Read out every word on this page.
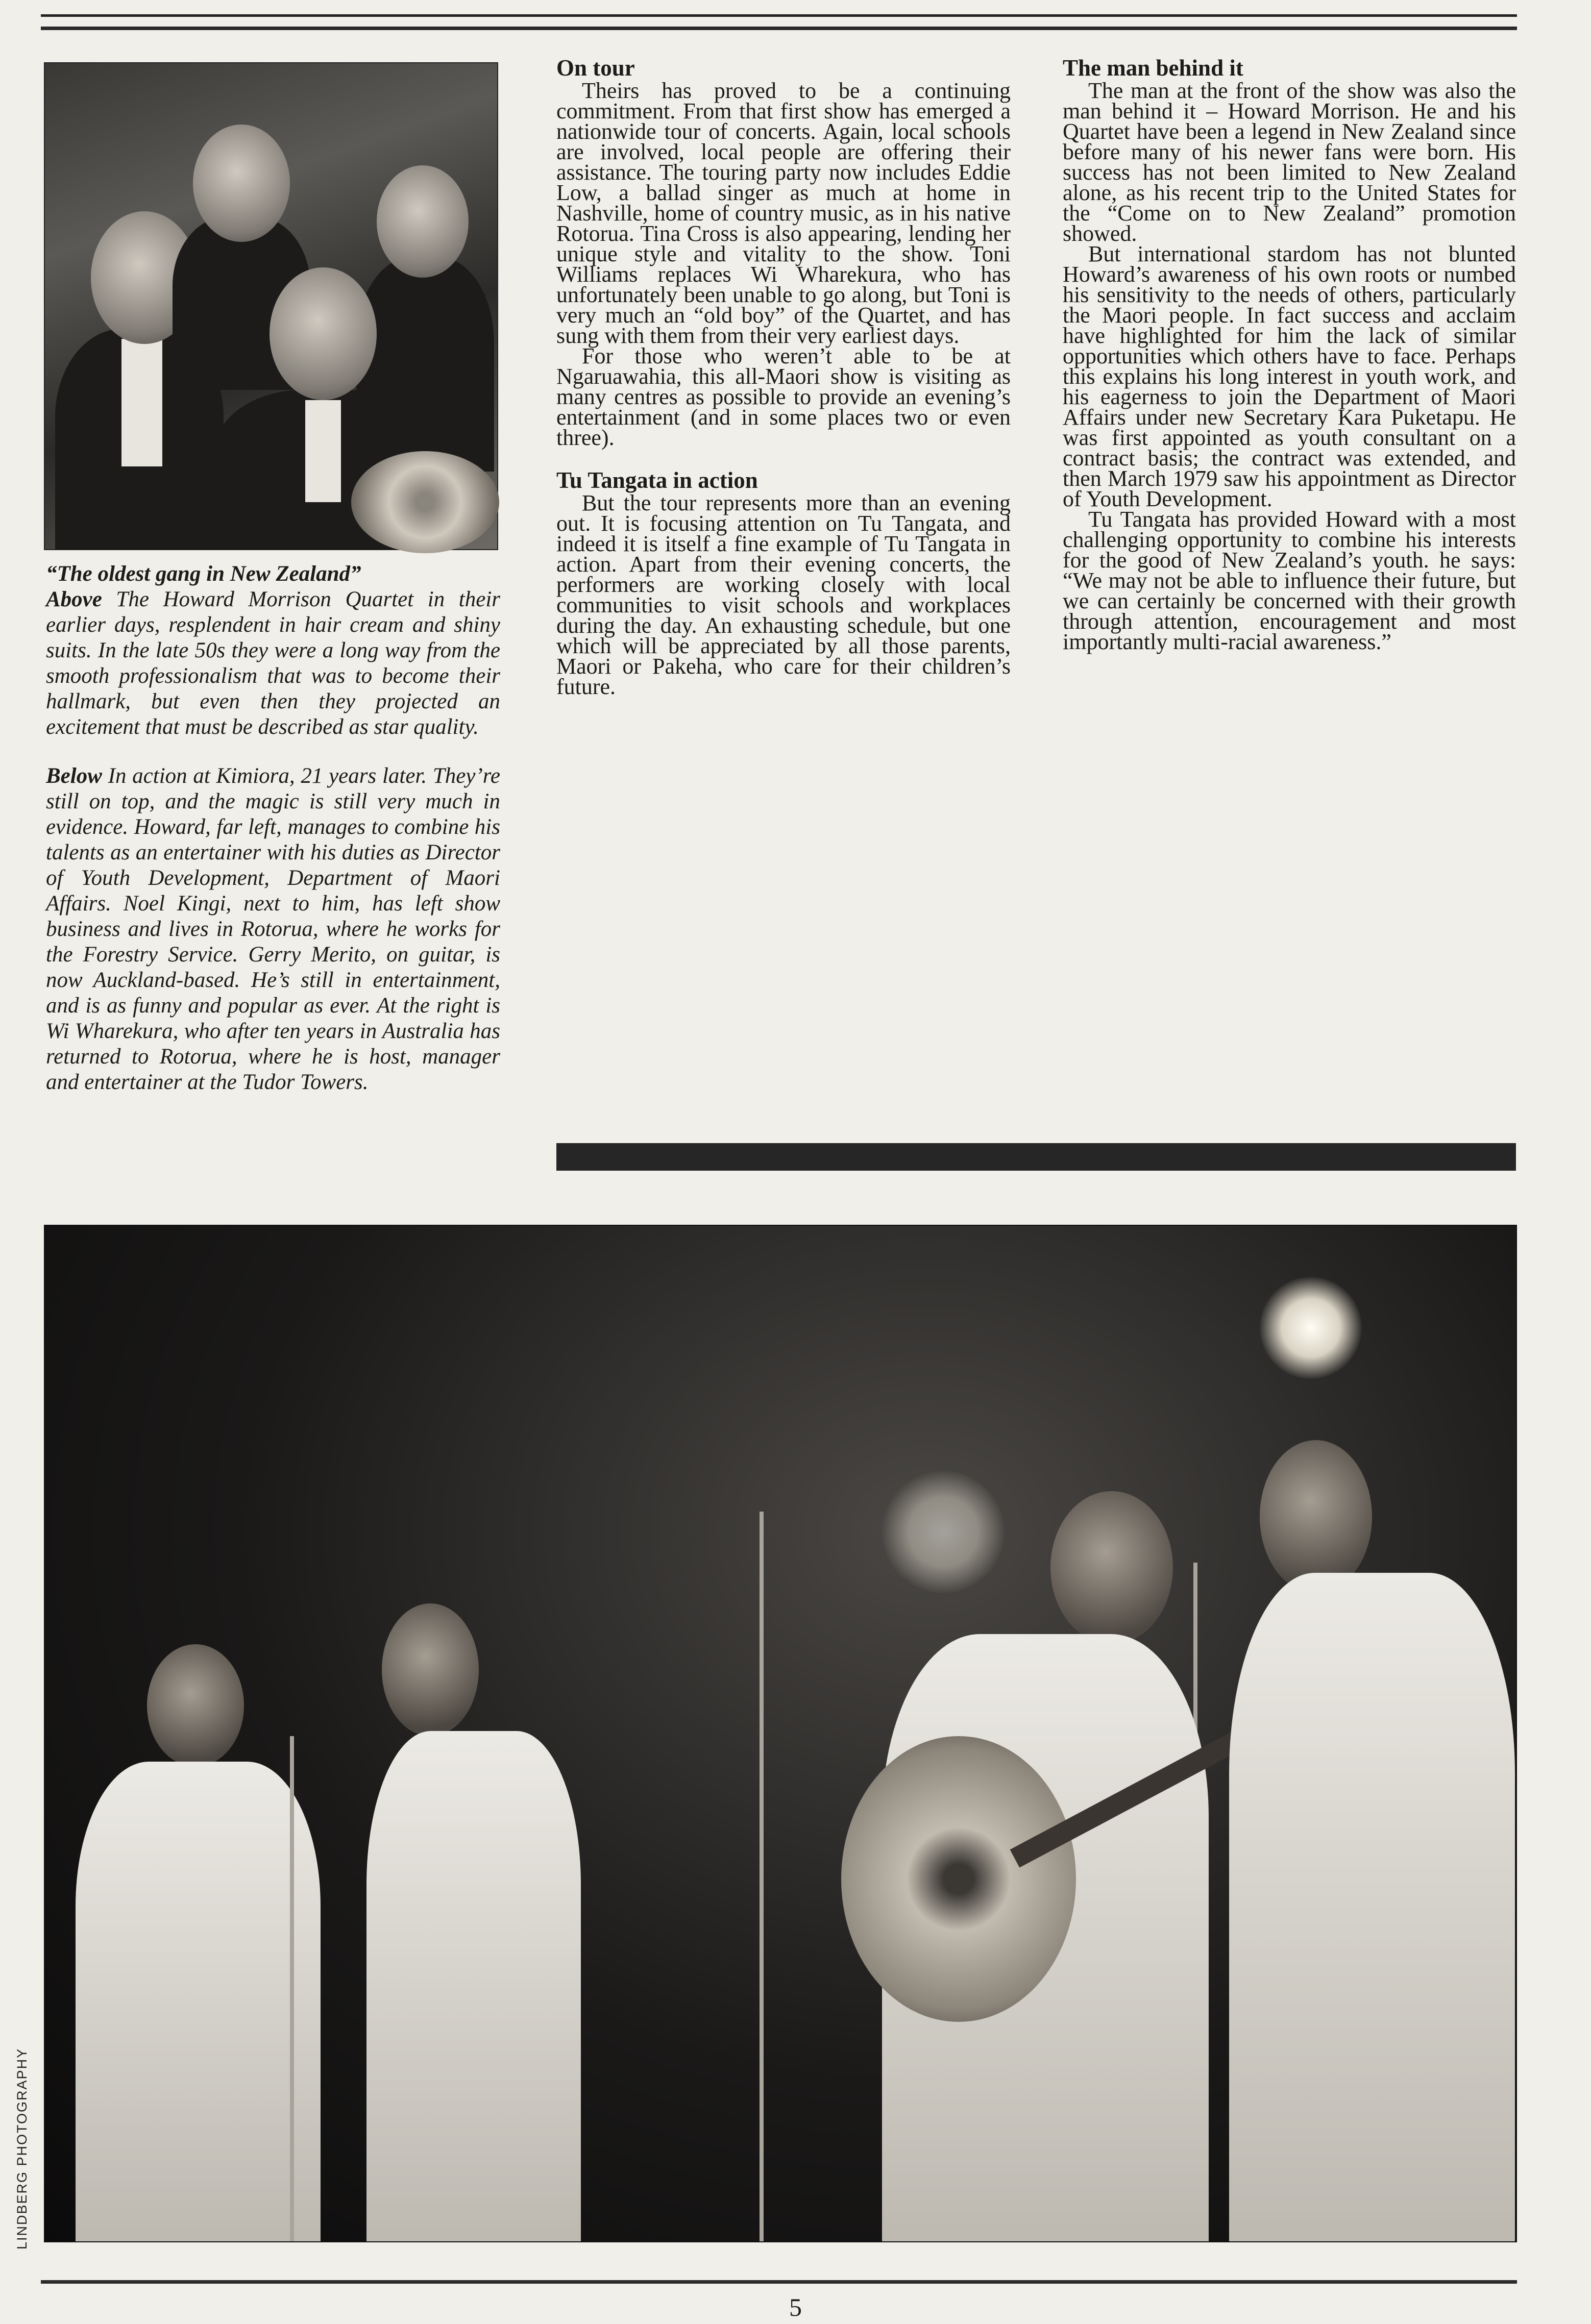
“The oldest gang in New Zealand”
Above The Howard Morrison Quartet in their earlier days, resplendent in hair cream and shiny suits. In the late 50s they were a long way from the smooth professionalism that was to become their hallmark, but even then they projected an excitement that must be described as star quality.

Below In action at Kimiora, 21 years later. They’re still on top, and the magic is still very much in evidence. Howard, far left, manages to combine his talents as an entertainer with his duties as Director of Youth Development, Department of Maori Affairs. Noel Kingi, next to him, has left show business and lives in Rotorua, where he works for the Forestry Service. Gerry Merito, on guitar, is now Auckland-based. He’s still in entertainment, and is as funny and popular as ever. At the right is Wi Wharekura, who after ten years in Australia has returned to Rotorua, where he is host, manager and entertainer at the Tudor Towers.

On tour

Theirs has proved to be a continuing commitment. From that first show has emerged a nationwide tour of concerts. Again, local schools are involved, local people are offering their assistance. The touring party now includes Eddie Low, a ballad singer as much at home in Nashville, home of country music, as in his native Rotorua. Tina Cross is also appearing, lending her unique style and vitality to the show. Toni Williams replaces Wi Wharekura, who has unfortunately been unable to go along, but Toni is very much an “old boy” of the Quartet, and has sung with them from their very earliest days.

For those who weren’t able to be at Ngaruawahia, this all-Maori show is visiting as many centres as possible to provide an evening’s entertainment (and in some places two or even three).

Tu Tangata in action

But the tour represents more than an evening out. It is focusing attention on Tu Tangata, and indeed it is itself a fine example of Tu Tangata in action. Apart from their evening concerts, the performers are working closely with local communities to visit schools and workplaces during the day. An exhausting schedule, but one which will be appreciated by all those parents, Maori or Pakeha, who care for their children’s future.

The man behind it

The man at the front of the show was also the man behind it – Howard Morrison. He and his Quartet have been a legend in New Zealand since before many of his newer fans were born. His success has not been limited to New Zealand alone, as his recent trip to the United States for the “Come on to New Zealand” promotion showed.

But international stardom has not blunted Howard’s awareness of his own roots or numbed his sensitivity to the needs of others, particularly the Maori people. In fact success and acclaim have highlighted for him the lack of similar opportunities which others have to face. Perhaps this explains his long interest in youth work, and his eagerness to join the Department of Maori Affairs under new Secretary Kara Puketapu. He was first appointed as youth consultant on a contract basis; the contract was extended, and then March 1979 saw his appointment as Director of Youth Development.

Tu Tangata has provided Howard with a most challenging opportunity to combine his interests for the good of New Zealand’s youth. he says: “We may not be able to influence their future, but we can certainly be concerned with their growth through attention, encouragement and most importantly multi-racial awareness.”

LINDBERG PHOTOGRAPHY
5
